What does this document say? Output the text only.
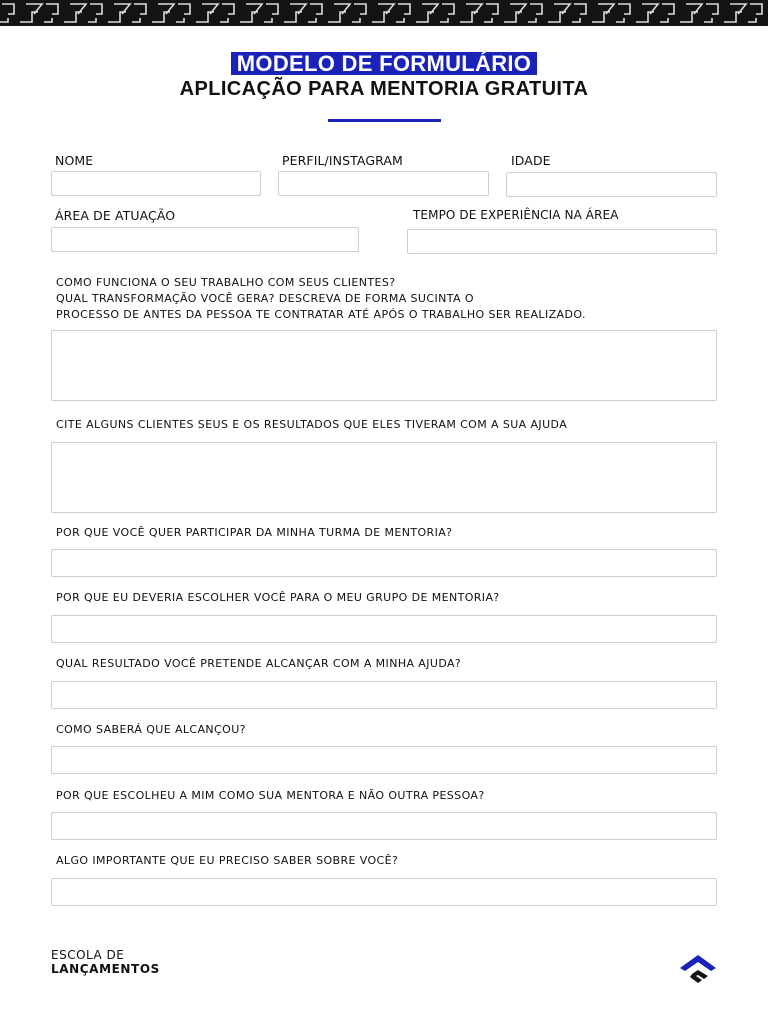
MODELO DE FORMULÁRIO
APLICAÇÃO PARA MENTORIA GRATUITA
NOME	PERFIL/INSTAGRAM	IDADE
ÁREA DE ATUAÇÃO	TEMPO DE EXPERIÊNCIA NA ÁREA
COMO FUNCIONA O SEU TRABALHO COM SEUS CLIENTES?
QUAL TRANSFORMAÇÃO VOCÊ GERA? DESCREVA DE FORMA SUCINTA O
PROCESSO DE ANTES DA PESSOA TE CONTRATAR ATÉ APÓS O TRABALHO SER REALIZADO.
CITE ALGUNS CLIENTES SEUS E OS RESULTADOS QUE ELES TIVERAM COM A SUA AJUDA
POR QUE VOCÊ QUER PARTICIPAR DA MINHA TURMA DE MENTORIA?
POR QUE EU DEVERIA ESCOLHER VOCÊ PARA O MEU GRUPO DE MENTORIA?
QUAL RESULTADO VOCÊ PRETENDE ALCANÇAR COM A MINHA AJUDA?
COMO SABERÁ QUE ALCANÇOU?
POR QUE ESCOLHEU A MIM COMO SUA MENTORA E NÃO OUTRA PESSOA?
ALGO IMPORTANTE QUE EU PRECISO SABER SOBRE VOCÊ?
ESCOLA DE
LANÇAMENTOS
